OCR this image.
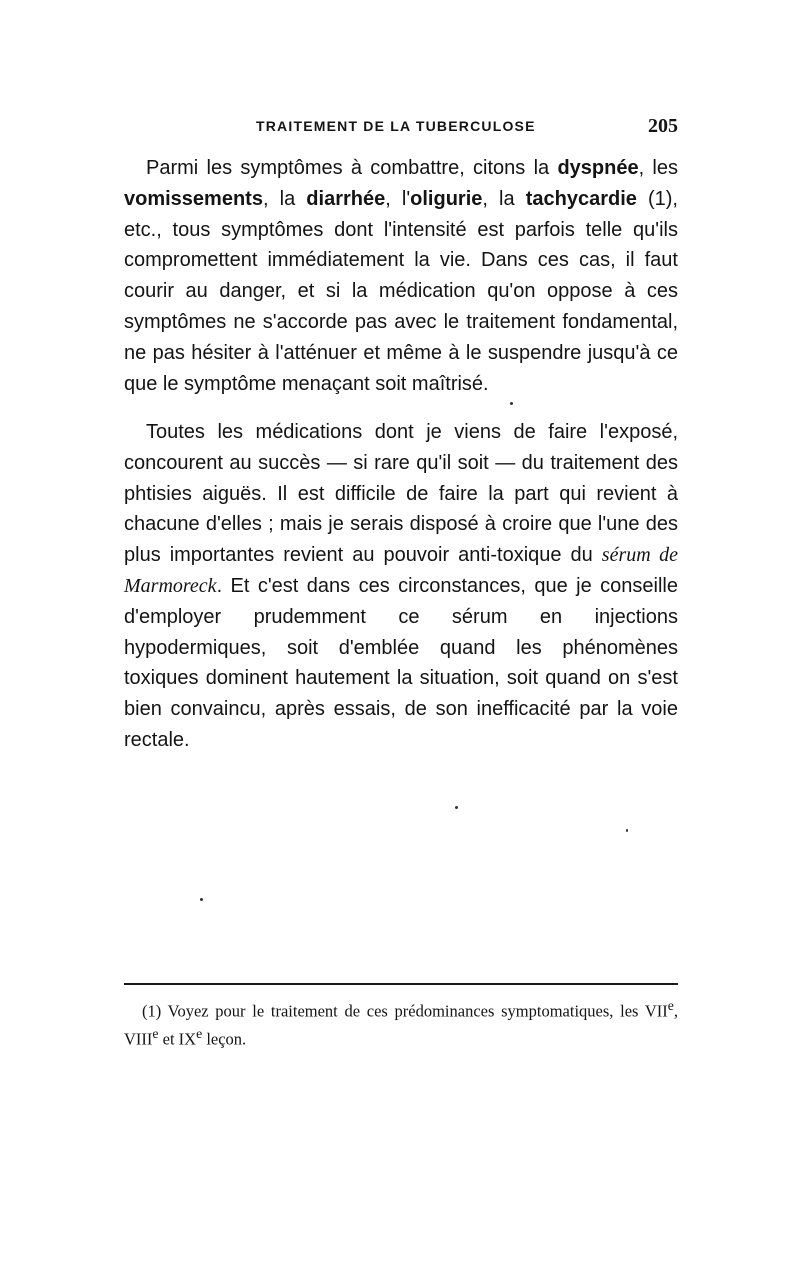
TRAITEMENT DE LA TUBERCULOSE	205

Parmi les symptômes à combattre, citons la dyspnée, les vomissements, la diarrhée, l'oligurie, la tachycardie (1), etc., tous symptômes dont l'intensité est parfois telle qu'ils compromettent immédiatement la vie. Dans ces cas, il faut courir au danger, et si la médication qu'on oppose à ces symptômes ne s'accorde pas avec le traitement fondamental, ne pas hésiter à l'atténuer et même à le suspendre jusqu'à ce que le symptôme menaçant soit maîtrisé.

Toutes les médications dont je viens de faire l'exposé, concourent au succès — si rare qu'il soit — du traitement des phtisies aiguës. Il est difficile de faire la part qui revient à chacune d'elles ; mais je serais disposé à croire que l'une des plus importantes revient au pouvoir anti-toxique du sérum de Marmoreck. Et c'est dans ces circonstances, que je conseille d'employer prudemment ce sérum en injections hypodermiques, soit d'emblée quand les phénomènes toxiques dominent hautement la situation, soit quand on s'est bien convaincu, après essais, de son inefficacité par la voie rectale.

(1) Voyez pour le traitement de ces prédominances symptomatiques, les VIIe, VIIIe et IXe leçon.
